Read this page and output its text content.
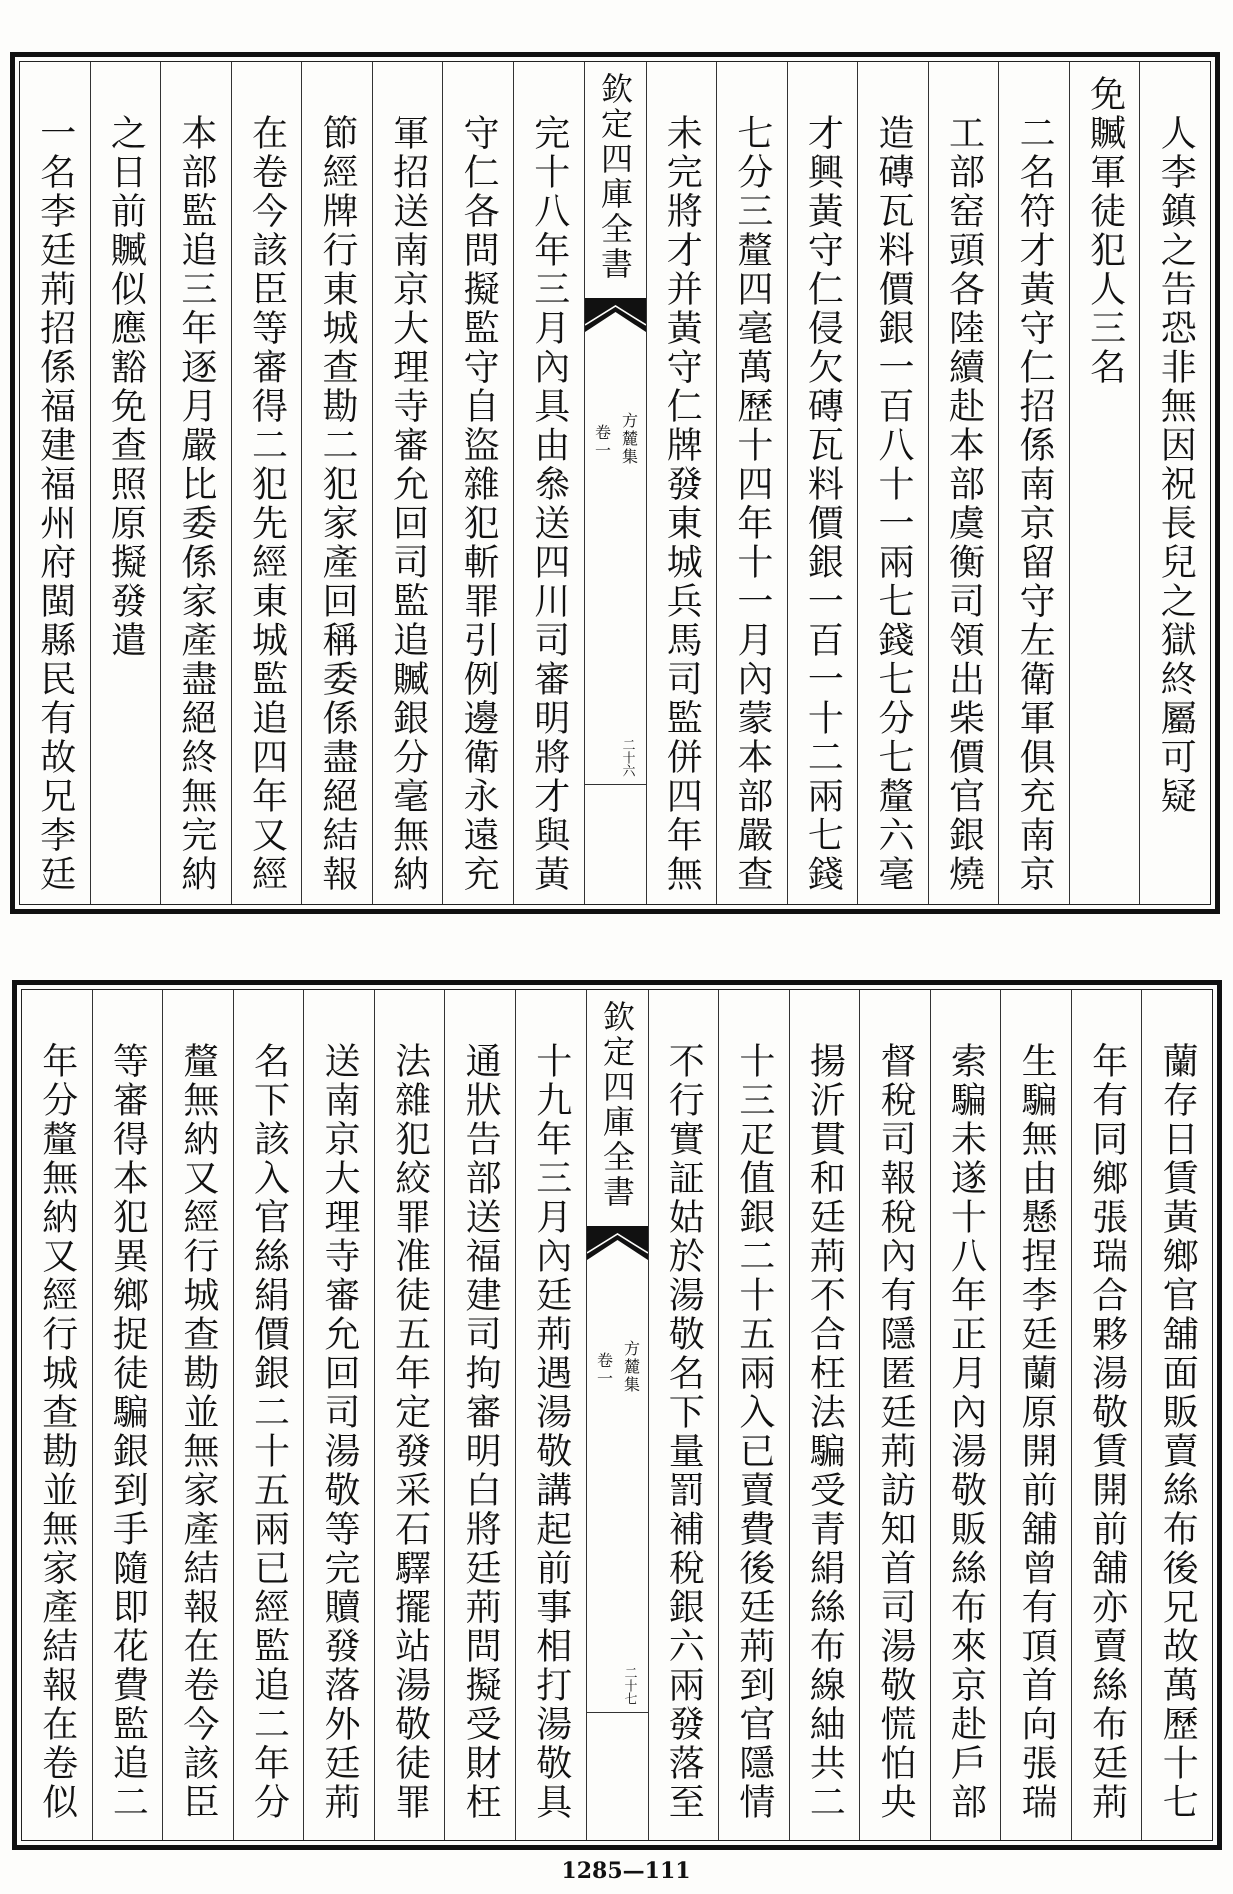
人李鎮之告恐非無因祝長兒之獄終屬可疑
免贓軍徒犯人三名
二名符才黃守仁招係南京留守左衛軍俱充南京
工部窑頭各陸續赴本部虞衡司領出柴價官銀燒
造磚瓦料價銀一百八十一兩七錢七分七釐六毫
才興黃守仁侵欠磚瓦料價銀一百一十二兩七錢
七分三釐四毫萬歷十四年十一月內蒙本部嚴查
未完將才并黃守仁牌發東城兵馬司監併四年無
欽定四庫全書
方麓集
卷一
二十六
完十八年三月內具由叅送四川司審明將才與黃
守仁各問擬監守自盜雜犯斬罪引例邊衛永遠充
軍招送南京大理寺審允回司監追贓銀分毫無納
節經牌行東城查勘二犯家產回稱委係盡絕結報
在卷今該臣等審得二犯先經東城監追四年又經
本部監追三年逐月嚴比委係家產盡絕終無完納
之日前贓似應豁免查照原擬發遣
一名李廷荊招係福建福州府閩縣民有故兄李廷
蘭存日賃黃鄉官舖面販賣絲布後兄故萬歷十七
年有同鄉張瑞合夥湯敬賃開前舖亦賣絲布廷荊
生騙無由懸捏李廷蘭原開前舖曾有頂首向張瑞
索騙未遂十八年正月內湯敬販絲布來京赴戶部
督稅司報稅內有隱匿廷荊訪知首司湯敬慌怕央
揚沂貫和廷荊不合枉法騙受青絹絲布線紬共二
十三疋值銀二十五兩入已賣費後廷荊到官隱情
不行實証姑於湯敬名下量罰補稅銀六兩發落至
欽定四庫全書
方麓集
卷一
二十七
十九年三月內廷荊遇湯敬講起前事相打湯敬具
通狀告部送福建司拘審明白將廷荊問擬受財枉
法雜犯絞罪准徒五年定發采石驛擺站湯敬徒罪
送南京大理寺審允回司湯敬等完贖發落外廷荊
名下該入官絲絹價銀二十五兩已經監追二年分
釐無納又經行城查勘並無家產結報在卷今該臣
等審得本犯異鄉捉徒騙銀到手隨即花費監追二
年分釐無納又經行城查勘並無家產結報在卷似
1285—111
